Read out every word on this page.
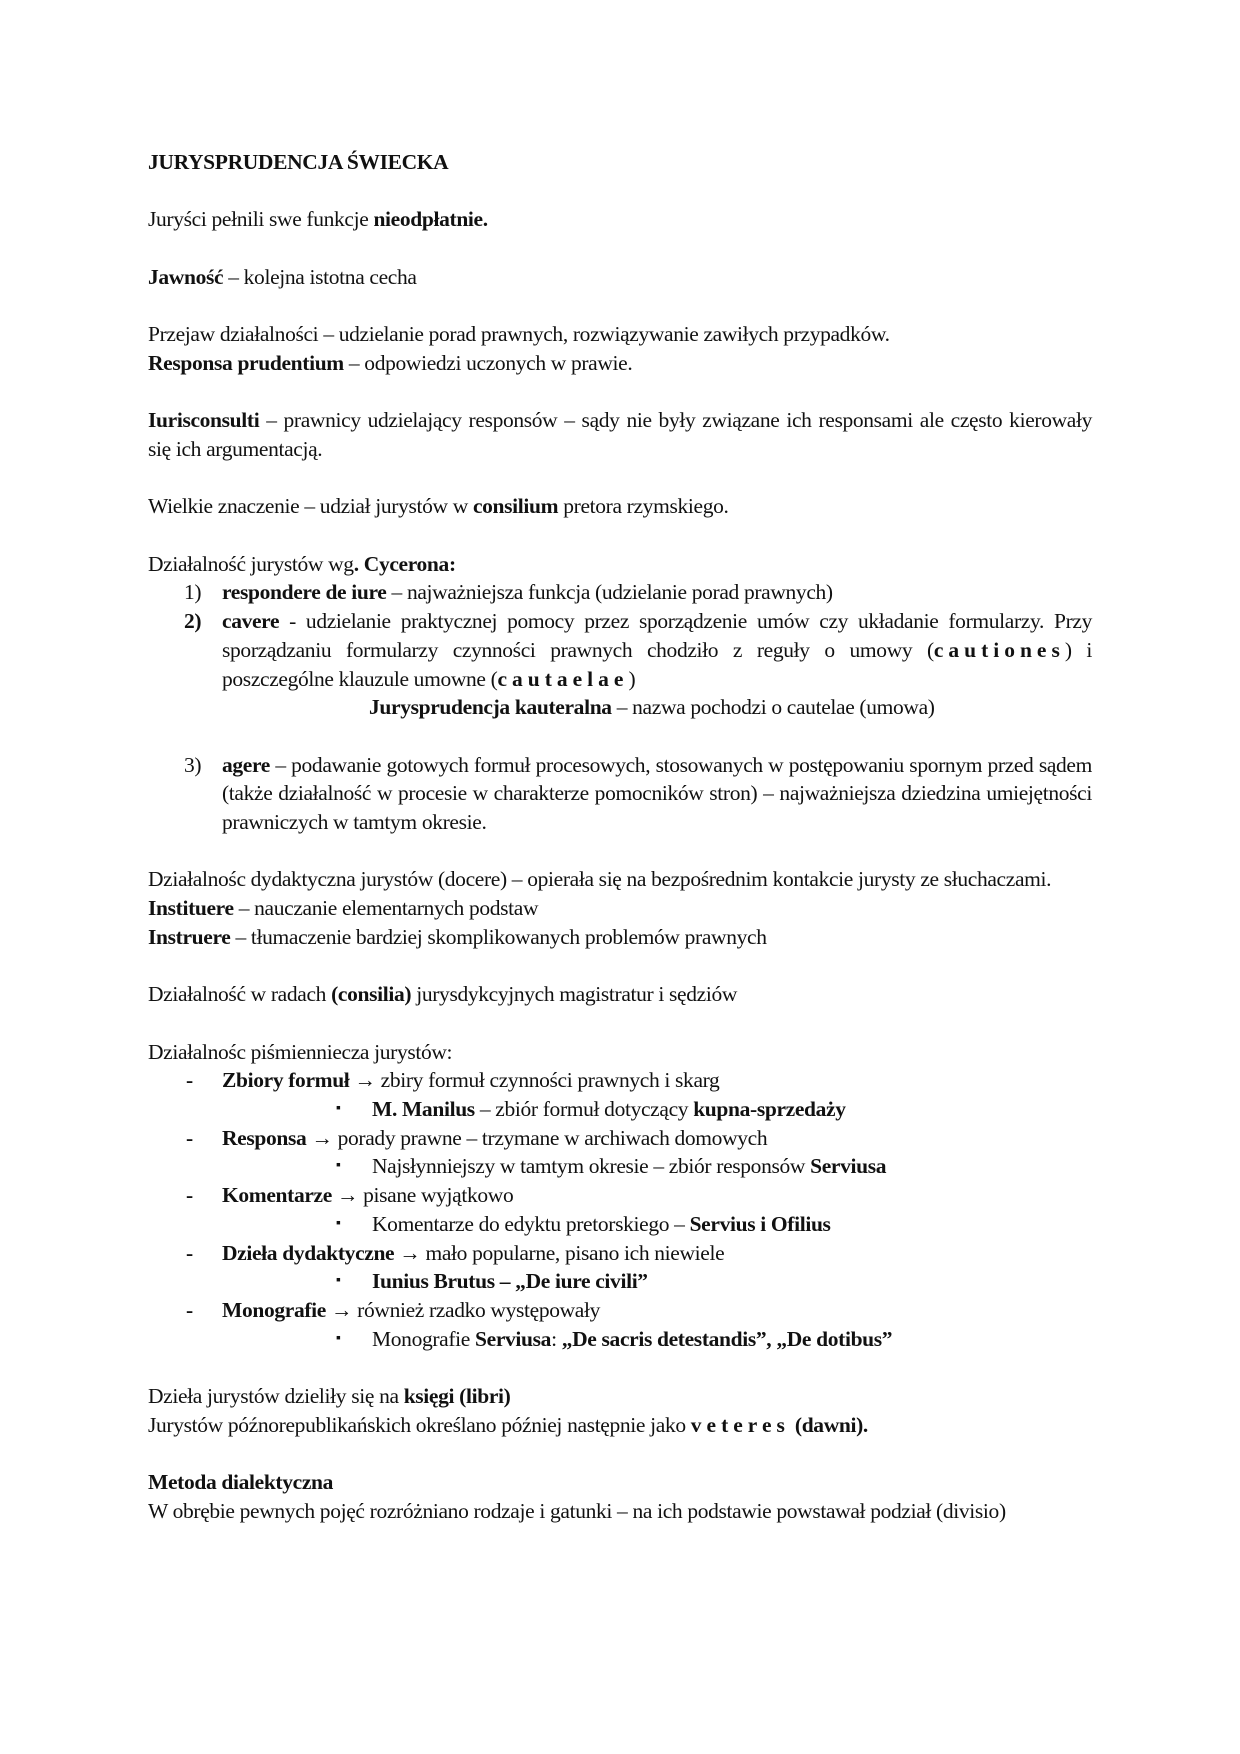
JURYSPRUDENCJA ŚWIECKA

Juryści pełnili swe funkcje nieodpłatnie.

Jawność – kolejna istotna cecha

Przejaw działalności – udzielanie porad prawnych, rozwiązywanie zawiłych przypadków.
Responsa prudentium – odpowiedzi uczonych w prawie.

Iurisconsulti – prawnicy udzielający responsów – sądy nie były związane ich responsami ale często kierowały się ich argumentacją.

Wielkie znaczenie – udział jurystów w consilium pretora rzymskiego.

Działalność jurystów wg. Cycerona:
1) respondere de iure – najważniejsza funkcja (udzielanie porad prawnych)
2) cavere - udzielanie praktycznej pomocy przez sporządzenie umów czy układanie formularzy. Przy sporządzaniu formularzy czynności prawnych chodziło z reguły o umowy (cautiones) i poszczególne klauzule umowne (cautaelae)
Jurysprudencja kauteralna – nazwa pochodzi o cautelae (umowa)
3) agere – podawanie gotowych formuł procesowych, stosowanych w postępowaniu spornym przed sądem (także działalność w procesie w charakterze pomocników stron) – najważniejsza dziedzina umiejętności prawniczych w tamtym okresie.

Działalnośc dydaktyczna jurystów (docere) – opierała się na bezpośrednim kontakcie jurysty ze słuchaczami.
Instituere – nauczanie elementarnych podstaw
Instruere – tłumaczenie bardziej skomplikowanych problemów prawnych

Działalność w radach (consilia) jurysdykcyjnych magistratur i sędziów

Działalnośc piśmienniecza jurystów:
- Zbiory formuł → zbiry formuł czynności prawnych i skarg
▪ M. Manilus – zbiór formuł dotyczący kupna-sprzedaży
- Responsa → porady prawne – trzymane w archiwach domowych
▪ Najsłynniejszy w tamtym okresie – zbiór responsów Serviusa
- Komentarze → pisane wyjątkowo
▪ Komentarze do edyktu pretorskiego – Servius i Ofilius
- Dzieła dydaktyczne → mało popularne, pisano ich niewiele
▪ Iunius Brutus – „De iure civili”
- Monografie → również rzadko występowały
▪ Monografie Serviusa: „De sacris detestandis”, „De dotibus”

Dzieła jurystów dzieliły się na księgi (libri)
Jurystów późnorepublikańskich określano później następnie jako veteres (dawni).

Metoda dialektyczna
W obrębie pewnych pojęć rozróżniano rodzaje i gatunki – na ich podstawie powstawał podział (divisio)
